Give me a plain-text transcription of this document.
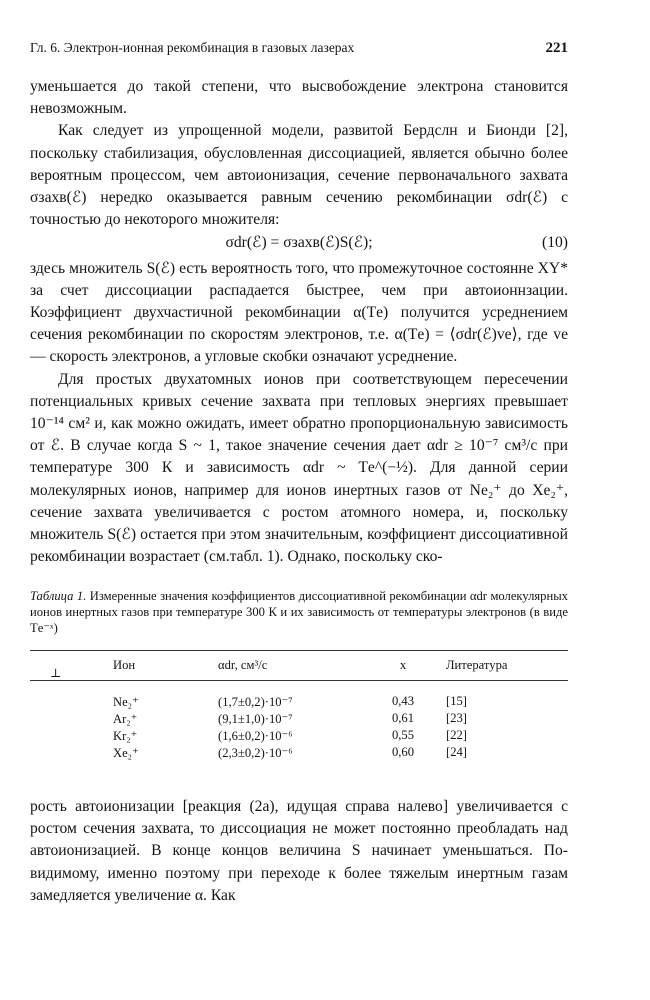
Гл. 6. Электрон-ионная рекомбинация в газовых лазерах	221

уменьшается до такой степени, что высвобождение электрона становится невозможным.

Как следует из упрощенной модели, развитой Бердслн и Бионди [2], поскольку стабилизация, обусловленная диссоциацией, является обычно более вероятным процессом, чем автоионизация, сечение первоначального захвата σзахв(ℰ) нередко оказывается равным сечению рекомбинации σdr(ℰ) с точностью до некоторого множителя:

σdr(ℰ) = σзахв(ℰ)S(ℰ);	(10)

здесь множитель S(ℰ) есть вероятность того, что промежуточное состоянне XY* за счет диссоциации распадается быстрее, чем при автоионнзации. Коэффициент двухчастичной рекомбинации α(Tе) получится усреднением сечения рекомбинации по скоростям электронов, т.е. α(Tе) = ⟨σdr(ℰ)vе⟩, где vе — скорость электронов, а угловые скобки означают усреднение.

Для простых двухатомных ионов при соответствующем пересечении потенциальных кривых сечение захвата при тепловых энергиях превышает 10⁻¹⁴ см² и, как можно ожидать, имеет обратно пропорциональную зависимость от ℰ. В случае когда S ~ 1, такое значение сечения дает αdr ≥ 10⁻⁷ см³/с при температуре 300 К и зависимость αdr ~ Tе^(−½). Для данной серии молекулярных ионов, например для ионов инертных газов от Ne₂⁺ до Xe₂⁺, сечение захвата увеличивается с ростом атомного номера, и, поскольку множитель S(ℰ) остается при этом значительным, коэффициент диссоциативной рекомбинации возрастает (см.табл. 1). Однако, поскольку ско-

Таблица 1. Измеренные значения коэффициентов диссоциативной рекомбинации αdr молекулярных ионов инертных газов при температуре 300 К и их зависимость от температуры электронов (в виде Tе⁻ˣ)
⊥
Ион	αdr, см³/с	x	Литература
Ne₂⁺	(1,7±0,2)·10⁻⁷	0,43	[15]
Ar₂⁺	(9,1±1,0)·10⁻⁷	0,61	[23]
Kr₂⁺	(1,6±0,2)·10⁻⁶	0,55	[22]
Xe₂⁺	(2,3±0,2)·10⁻⁶	0,60	[24]

рость автоионизации [реакция (2а), идущая справа налево] увеличивается с ростом сечения захвата, то диссоциация не может постоянно преобладать над автоионизацией. В конце концов величина S начинает уменьшаться. По-видимому, именно поэтому при переходе к более тяжелым инертным газам замедляется увеличение α. Как
